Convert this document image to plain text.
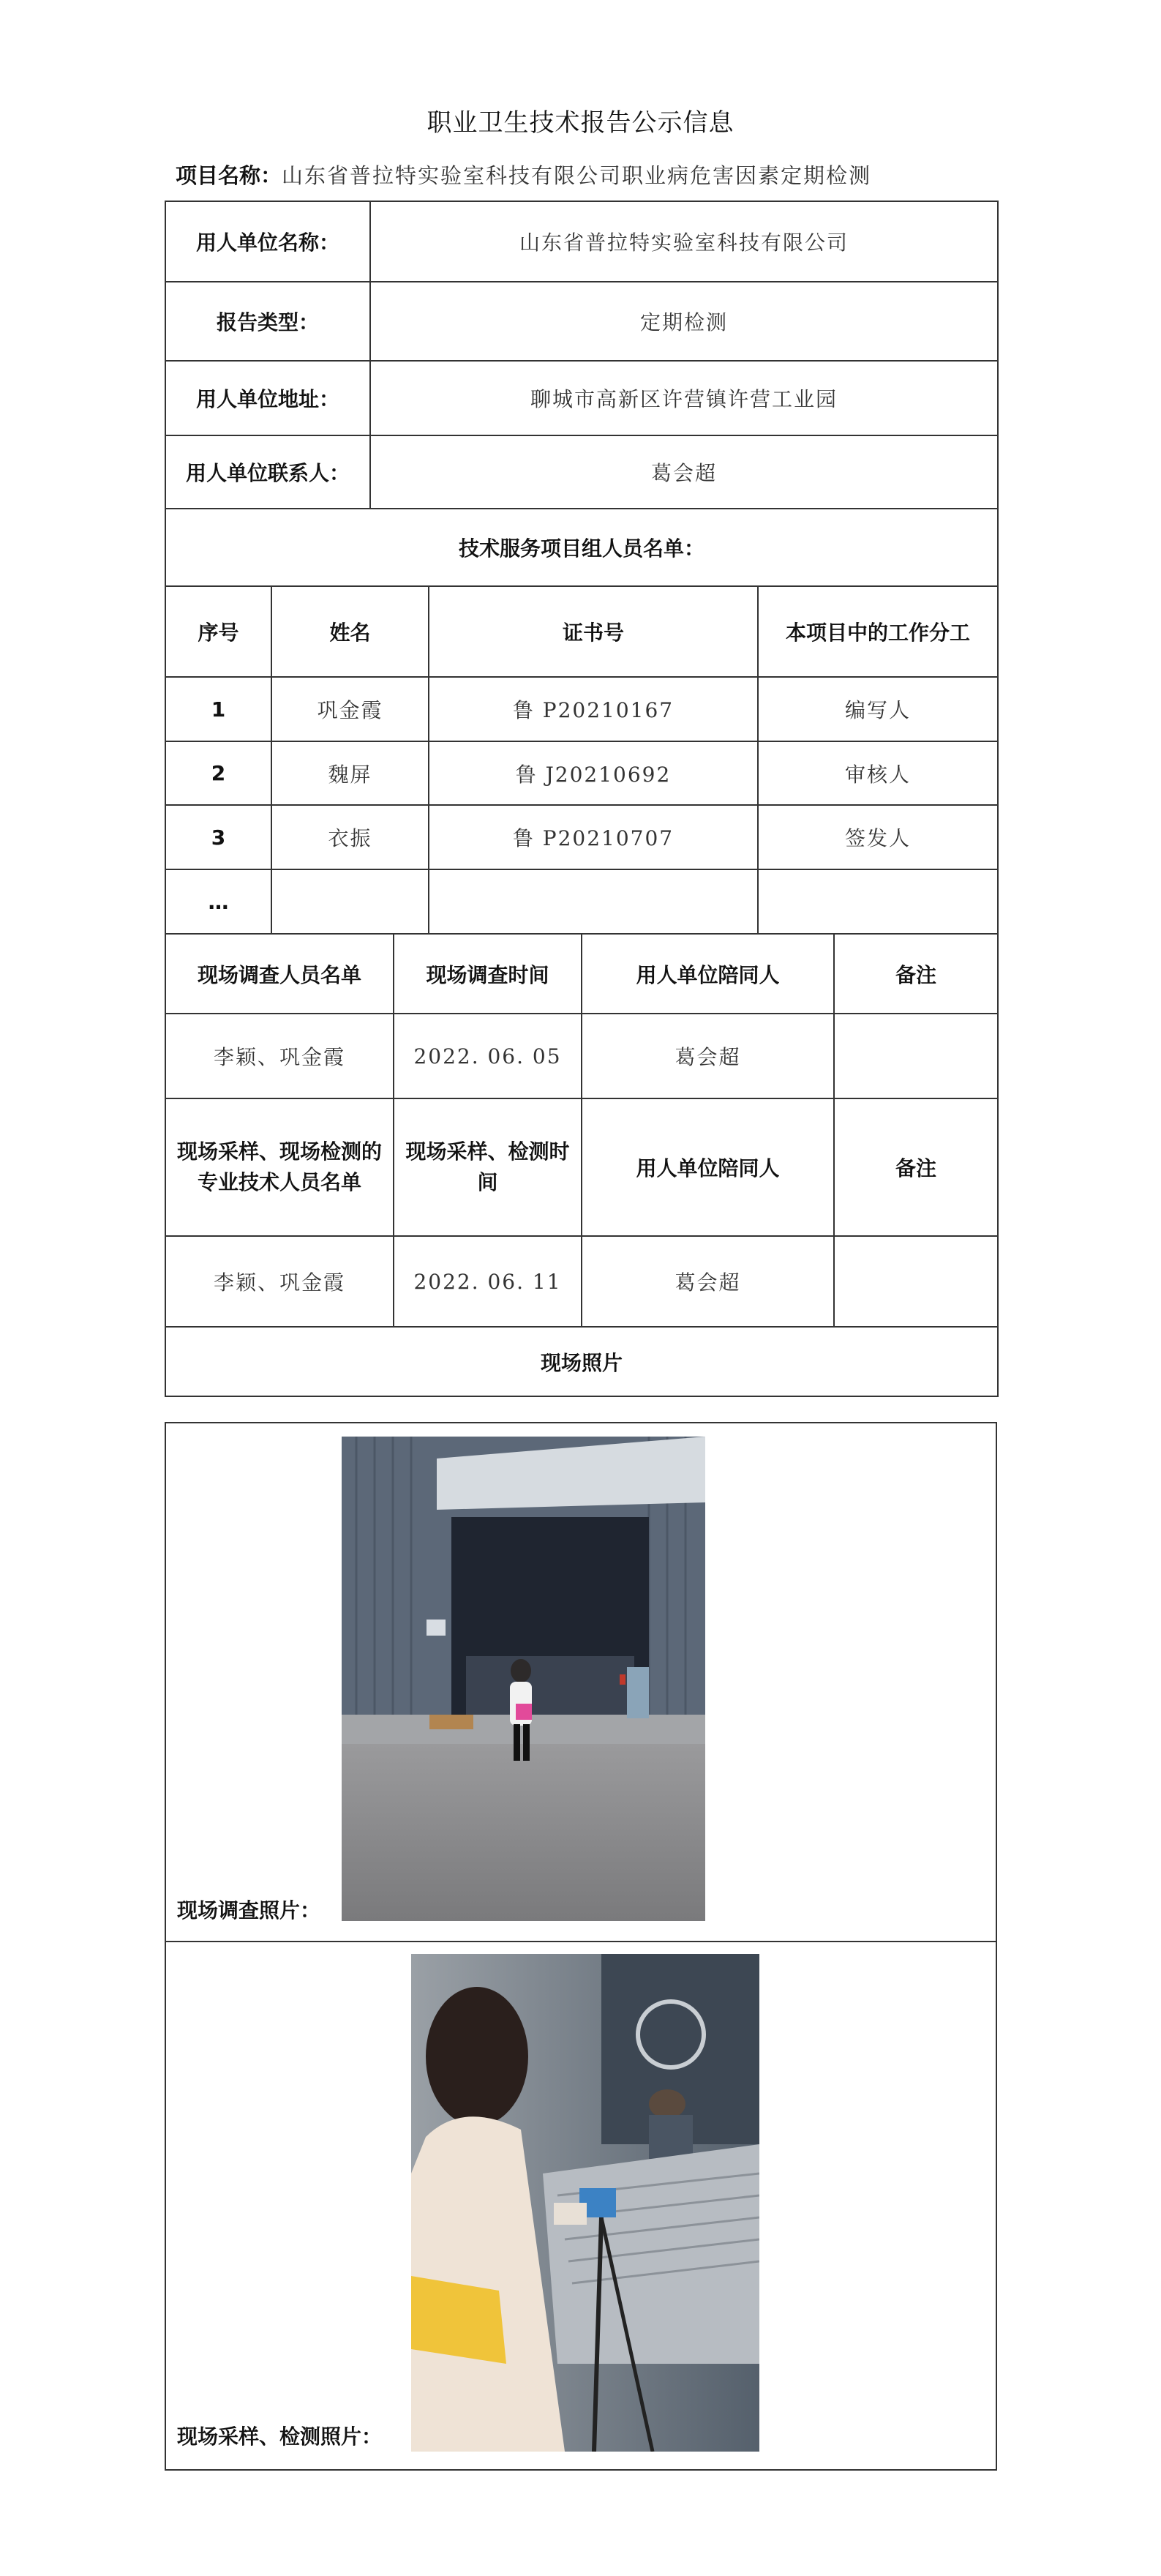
职业卫生技术报告公示信息
项目名称：山东省普拉特实验室科技有限公司职业病危害因素定期检测
用人单位名称：	山东省普拉特实验室科技有限公司
报告类型：	定期检测
用人单位地址：	聊城市高新区许营镇许营工业园
用人单位联系人：	葛会超
技术服务项目组人员名单：	
序号	姓名	证书号	本项目中的工作分工
1	巩金霞	鲁 P20210167	编写人
2	魏屏	鲁 J20210692	审核人
3	衣振	鲁 P20210707	签发人
…			
现场调查人员名单	现场调查时间	用人单位陪同人	备注
李颖、巩金霞	2022. 06. 05	葛会超	
现场采样、现场检测的专业技术人员名单	现场采样、检测时间	用人单位陪同人	备注
李颖、巩金霞	2022. 06. 11	葛会超	
现场照片			
现场调查照片：
现场采样、检测照片：
